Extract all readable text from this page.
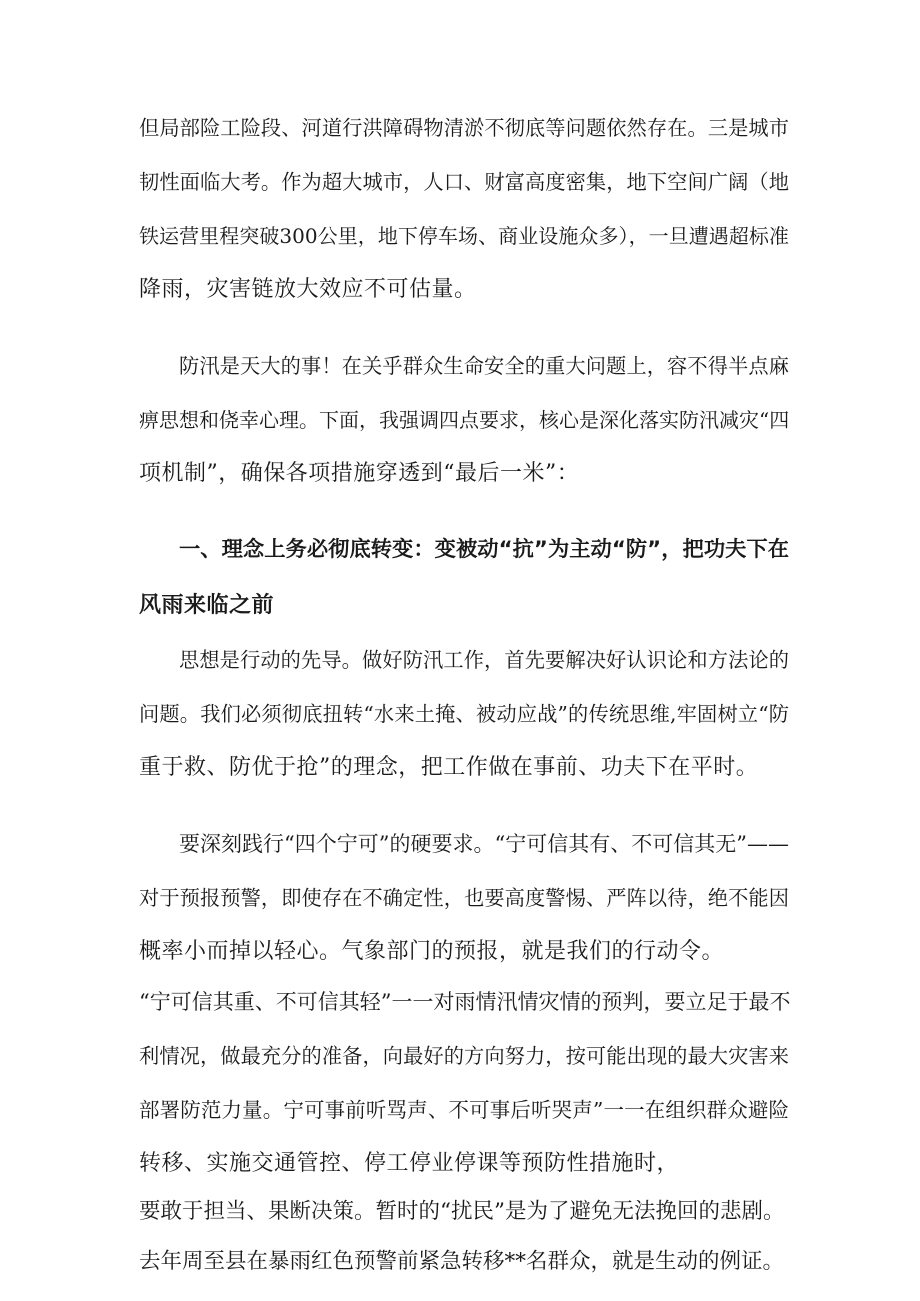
但局部险工险段、河道行洪障碍物清淤不彻底等问题依然存在。三是城市
韧性面临大考。作为超大城市，人口、财富高度密集，地下空间广阔（地
铁运营里程突破300公里，地下停车场、商业设施众多），一旦遭遇超标准
降雨，灾害链放大效应不可估量。
防汛是天大的事！在关乎群众生命安全的重大问题上，容不得半点麻
痹思想和侥幸心理。下面，我强调四点要求，核心是深化落实防汛减灾“四
项机制”，确保各项措施穿透到“最后一米”：
一、理念上务必彻底转变：变被动“抗”为主动“防”，把功夫下在
风雨来临之前
思想是行动的先导。做好防汛工作，首先要解决好认识论和方法论的
问题。我们必须彻底扭转“水来土掩、被动应战”的传统思维,牢固树立“防
重于救、防优于抢”的理念，把工作做在事前、功夫下在平时。
要深刻践行“四个宁可”的硬要求。“宁可信其有、不可信其无”——
对于预报预警，即使存在不确定性，也要高度警惕、严阵以待，绝不能因
概率小而掉以轻心。气象部门的预报，就是我们的行动令。
“宁可信其重、不可信其轻”一一对雨情汛情灾情的预判，要立足于最不
利情况，做最充分的准备，向最好的方向努力，按可能出现的最大灾害来
部署防范力量。宁可事前听骂声、不可事后听哭声”一一在组织群众避险
转移、实施交通管控、停工停业停课等预防性措施时，
要敢于担当、果断决策。暂时的“扰民”是为了避免无法挽回的悲剧。
去年周至县在暴雨红色预警前紧急转移**名群众，就是生动的例证。
